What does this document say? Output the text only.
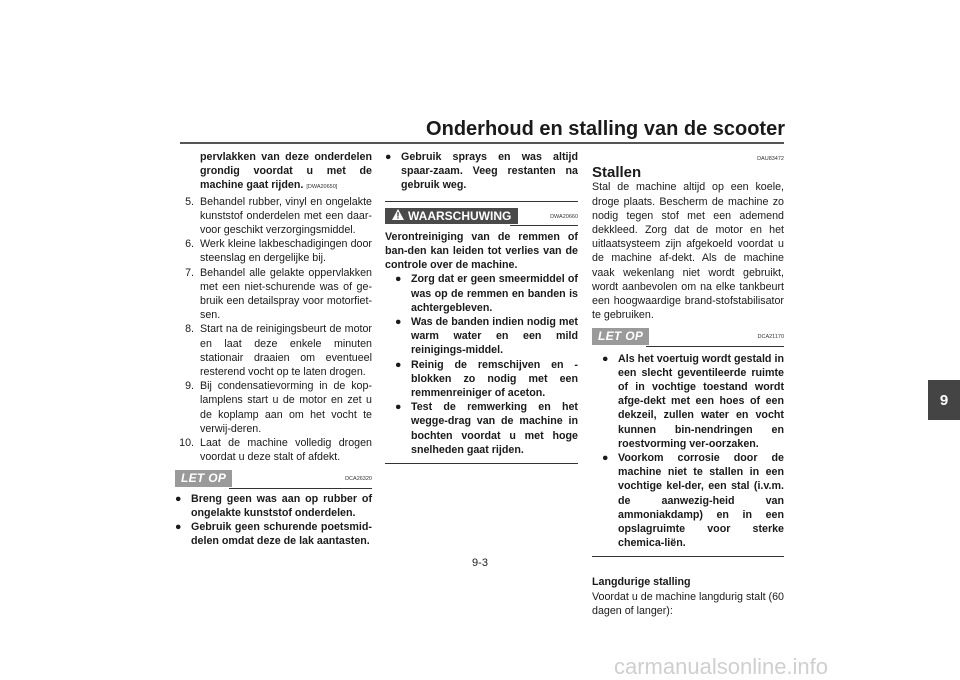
Onderhoud en stalling van de scooter
9
pervlakken van deze onderdelen grondig voordat u met de machine gaat rijden. [DWA20650]
5. Behandel rubber, vinyl en ongelakte kunststof onderdelen met een daar-voor geschikt verzorgingsmiddel.
6. Werk kleine lakbeschadigingen door steenslag en dergelijke bij.
7. Behandel alle gelakte oppervlakken met een niet-schurende was of ge-bruik een detailspray voor motorfiet-sen.
8. Start na de reinigingsbeurt de motor en laat deze enkele minuten stationair draaien om eventueel resterend vocht op te laten drogen.
9. Bij condensatievorming in de kop-lamplens start u de motor en zet u de koplamp aan om het vocht te verwij-deren.
10. Laat de machine volledig drogen voordat u deze stalt of afdekt.
LET OP	DCA26320
● Breng geen was aan op rubber of ongelakte kunststof onderdelen.
● Gebruik geen schurende poetsmid-delen omdat deze de lak aantasten.
● Gebruik sprays en was altijd spaar-zaam. Veeg restanten na gebruik weg.
WAARSCHUWING	DWA20660
Verontreiniging van de remmen of ban-den kan leiden tot verlies van de controle over de machine.
● Zorg dat er geen smeermiddel of was op de remmen en banden is achtergebleven.
● Was de banden indien nodig met warm water en een mild reinigings-middel.
● Reinig de remschijven en -blokken zo nodig met een remmenreiniger of aceton.
● Test de remwerking en het wegge-drag van de machine in bochten voordat u met hoge snelheden gaat rijden.
DAU83472
Stallen
Stal de machine altijd op een koele, droge plaats. Bescherm de machine zo nodig tegen stof met een ademend dekkleed. Zorg dat de motor en het uitlaatsysteem zijn afgekoeld voordat u de machine af-dekt. Als de machine vaak wekenlang niet wordt gebruikt, wordt aanbevolen om na elke tankbeurt een hoogwaardige brand-stofstabilisator te gebruiken.
LET OP	DCA21170
● Als het voertuig wordt gestald in een slecht geventileerde ruimte of in vochtige toestand wordt afge-dekt met een hoes of een dekzeil, zullen water en vocht kunnen bin-nendringen en roestvorming ver-oorzaken.
● Voorkom corrosie door de machine niet te stallen in een vochtige kel-der, een stal (i.v.m. de aanwezig-heid van ammoniakdamp) en in een opslagruimte voor sterke chemica-liën.
Langdurige stalling
Voordat u de machine langdurig stalt (60 dagen of langer):
9-3
carmanualsonline.info
